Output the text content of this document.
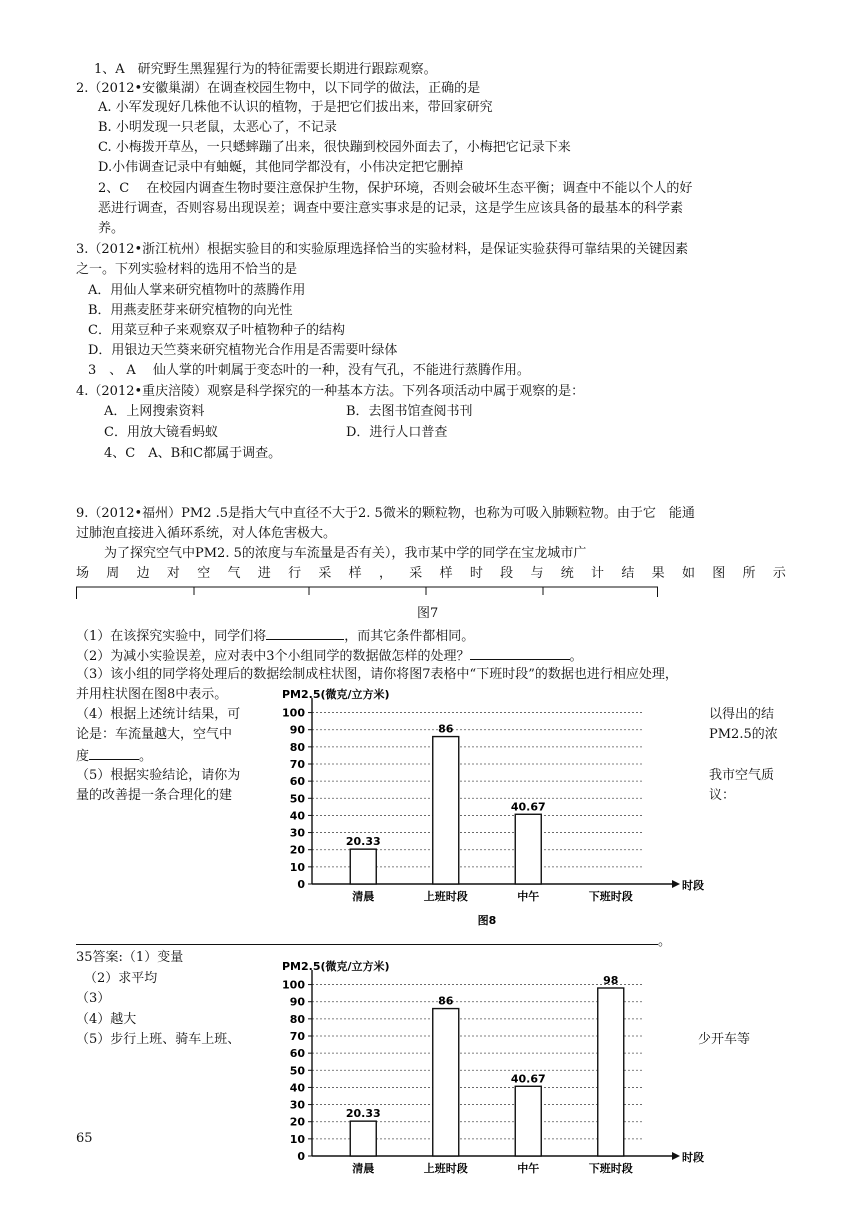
1、A　研究野生黑猩猩行为的特征需要长期进行跟踪观察。
2.（2012•安徽巢湖）在调查校园生物中，以下同学的做法，正确的是
A. 小军发现好几株他不认识的植物，于是把它们拔出来，带回家研究
B. 小明发现一只老鼠，太恶心了，不记录
C. 小梅拨开草丛，一只蟋蟀蹦了出来，很快蹦到校园外面去了，小梅把它记录下来
D.小伟调查记录中有蚰蜒，其他同学都没有，小伟决定把它删掉
2、C　 在校园内调查生物时要注意保护生物，保护环境，否则会破坏生态平衡；调查中不能以个人的好
恶进行调查，否则容易出现误差；调查中要注意实事求是的记录，这是学生应该具备的最基本的科学素
养。
3.（2012•浙江杭州）根据实验目的和实验原理选择恰当的实验材料，是保证实验获得可靠结果的关键因素
之一。下列实验材料的选用不恰当的是
A．用仙人掌来研究植物叶的蒸腾作用
B．用燕麦胚芽来研究植物的向光性
C．用菜豆种子来观察双子叶植物种子的结构
D．用银边天竺葵来研究植物光合作用是否需要叶绿体
3　、 A　 仙人掌的叶刺属于变态叶的一种，没有气孔，不能进行蒸腾作用。
4.（2012•重庆涪陵）观察是科学探究的一种基本方法。下列各项活动中属于观察的是：
A．上网搜索资料	B．去图书馆查阅书刊
C．用放大镜看蚂蚁	D．进行人口普查
4、C　A、B和C都属于调查。
9.（2012•福州）PM2 .5是指大气中直径不大于2. 5微米的颗粒物，也称为可吸入肺颗粒物。由于它　能通
过肺泡直接进入循环系统，对人体危害极大。
为了探究空气中PM2. 5的浓度与车流量是否有关），我市某中学的同学在宝龙城市广
场 周 边 对 空 气 进 行 采 样 ， 采 样 时 段 与 统 计 结 果 如 图 所 示
图7
（1）在该探究实验中，同学们将	，而其它条件都相同。
（2）为减小实验误差，应对表中3个小组同学的数据做怎样的处理？	。
（3）该小组的同学将处理后的数据绘制成柱状图，请你将图7表格中“下班时段”的数据也进行相应处理，
并用柱状图在图8中表示。
（4）根据上述统计结果，可
论是：车流量越大，空气中
度	。
以得出的结
PM2.5的浓
（5）根据实验结论，请你为
量的改善提一条合理化的建
我市空气质
议：
PM2.5(微克/立方米)
0
10
20
30
40
50
60
70
80
90
100
时段
20.33
清晨
86
上班时段
40.67
中午	下班时段
图8
。
35答案:（1）变量
（2）求平均
（3）
（4）越大
（5）步行上班、骑车上班、	少开车等
PM2.5(微克/立方米)
0
10
20
30
40
50
60
70
80
90
100
时段
20.33
清晨
86
上班时段
40.67
中午
98
下班时段
65
